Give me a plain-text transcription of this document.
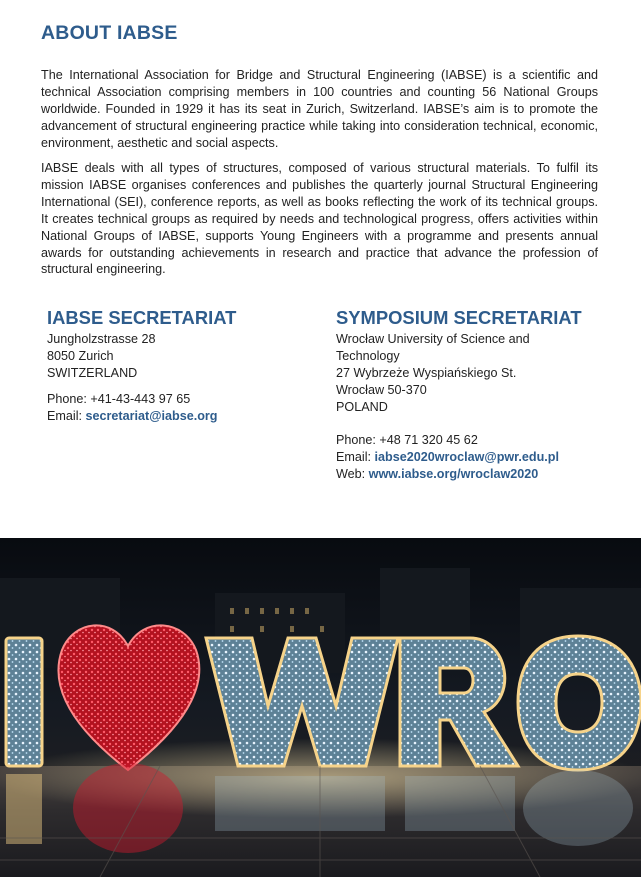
ABOUT IABSE

The International Association for Bridge and Structural Engineering (IABSE) is a scientific and technical Association comprising members in 100 countries and counting 56 National Groups worldwide. Founded in 1929 it has its seat in Zurich, Switzerland. IABSE’s aim is to promote the advancement of structural engineering practice while taking into consideration technical, economic, environment, aesthetic and social aspects.

IABSE deals with all types of structures, composed of various structural materials. To fulfil its mission IABSE organises conferences and publishes the quarterly journal Structural Engineering International (SEI), conference reports, as well as books reflecting the work of its technical groups. It creates technical groups as required by needs and technological progress, offers activities within National Groups of IABSE, supports Young Engineers with a programme and presents annual awards for outstanding achievements in research and practice that advance the profession of structural engineering.

IABSE SECRETARIAT
Jungholzstrasse 28
8050 Zurich
SWITZERLAND
Phone: +41-43-443 97 65
Email: secretariat@iabse.org
SYMPOSIUM SECRETARIAT
Wrocław University of Science and
Technology
27 Wybrzeże Wyspiańskiego St.
Wrocław 50-370
POLAND
Phone: +48 71 320 45 62
Email: iabse2020wroclaw@pwr.edu.pl
Web: www.iabse.org/wroclaw2020
